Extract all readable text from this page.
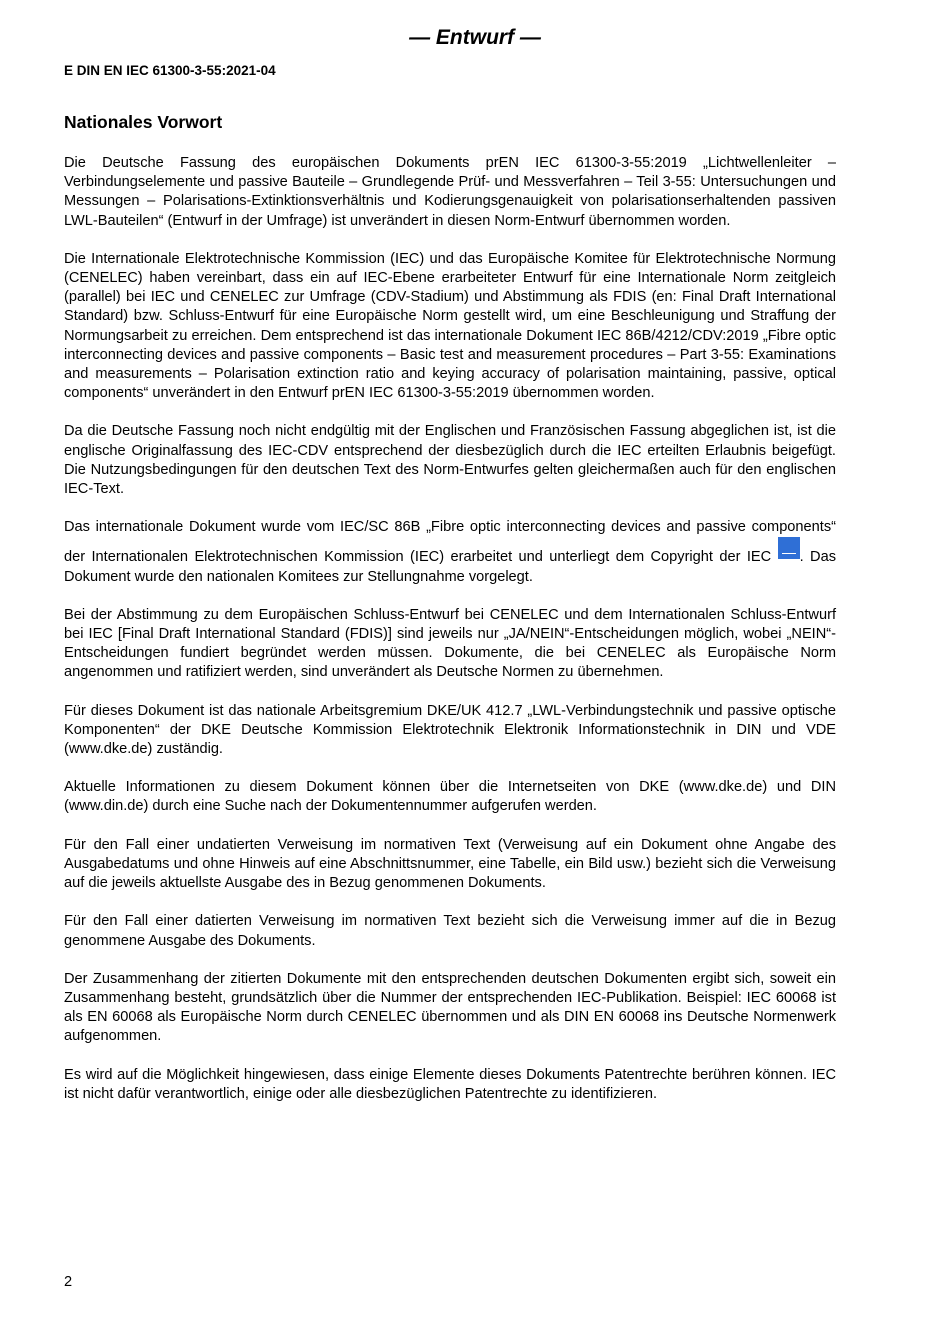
— Entwurf —
E DIN EN IEC 61300-3-55:2021-04
Nationales Vorwort

Die Deutsche Fassung des europäischen Dokuments prEN IEC 61300-3-55:2019 „Lichtwellenleiter – Verbindungselemente und passive Bauteile – Grundlegende Prüf- und Messverfahren – Teil 3-55: Untersuchungen und Messungen – Polarisations-Extinktionsverhältnis und Kodierungsgenauigkeit von polarisationserhaltenden passiven LWL-Bauteilen“ (Entwurf in der Umfrage) ist unverändert in diesen Norm-Entwurf übernommen worden.

Die Internationale Elektrotechnische Kommission (IEC) und das Europäische Komitee für Elektrotechnische Normung (CENELEC) haben vereinbart, dass ein auf IEC-Ebene erarbeiteter Entwurf für eine Internationale Norm zeitgleich (parallel) bei IEC und CENELEC zur Umfrage (CDV-Stadium) und Abstimmung als FDIS (en: Final Draft International Standard) bzw. Schluss-Entwurf für eine Europäische Norm gestellt wird, um eine Beschleunigung und Straffung der Normungsarbeit zu erreichen. Dem entsprechend ist das internationale Dokument IEC 86B/4212/CDV:2019 „Fibre optic interconnecting devices and passive components – Basic test and measurement procedures – Part 3-55: Examinations and measurements – Polarisation extinction ratio and keying accuracy of polarisation maintaining, passive, optical components“ unverändert in den Entwurf prEN IEC 61300-3-55:2019 übernommen worden.

Da die Deutsche Fassung noch nicht endgültig mit der Englischen und Französischen Fassung abgeglichen ist, ist die englische Originalfassung des IEC-CDV entsprechend der diesbezüglich durch die IEC erteilten Erlaubnis beigefügt. Die Nutzungsbedingungen für den deutschen Text des Norm-Entwurfes gelten gleichermaßen auch für den englischen IEC-Text.

Das internationale Dokument wurde vom IEC/SC 86B „Fibre optic interconnecting devices and passive components“ der Internationalen Elektrotechnischen Kommission (IEC) erarbeitet und unterliegt dem Copyright der IEC . Das Dokument wurde den nationalen Komitees zur Stellungnahme vorgelegt.

Bei der Abstimmung zu dem Europäischen Schluss-Entwurf bei CENELEC und dem Internationalen Schluss-Entwurf bei IEC [Final Draft International Standard (FDIS)] sind jeweils nur „JA/NEIN“-Entscheidungen möglich, wobei „NEIN“-Entscheidungen fundiert begründet werden müssen. Dokumente, die bei CENELEC als Europäische Norm angenommen und ratifiziert werden, sind unverändert als Deutsche Normen zu übernehmen.

Für dieses Dokument ist das nationale Arbeitsgremium DKE/UK 412.7 „LWL-Verbindungstechnik und passive optische Komponenten“ der DKE Deutsche Kommission Elektrotechnik Elektronik Informationstechnik in DIN und VDE (www.dke.de) zuständig.

Aktuelle Informationen zu diesem Dokument können über die Internetseiten von DKE (www.dke.de) und DIN (www.din.de) durch eine Suche nach der Dokumentennummer aufgerufen werden.

Für den Fall einer undatierten Verweisung im normativen Text (Verweisung auf ein Dokument ohne Angabe des Ausgabedatums und ohne Hinweis auf eine Abschnittsnummer, eine Tabelle, ein Bild usw.) bezieht sich die Verweisung auf die jeweils aktuellste Ausgabe des in Bezug genommenen Dokuments.

Für den Fall einer datierten Verweisung im normativen Text bezieht sich die Verweisung immer auf die in Bezug genommene Ausgabe des Dokuments.

Der Zusammenhang der zitierten Dokumente mit den entsprechenden deutschen Dokumenten ergibt sich, soweit ein Zusammenhang besteht, grundsätzlich über die Nummer der entsprechenden IEC-Publikation. Beispiel: IEC 60068 ist als EN 60068 als Europäische Norm durch CENELEC übernommen und als DIN EN 60068 ins Deutsche Normenwerk aufgenommen.

Es wird auf die Möglichkeit hingewiesen, dass einige Elemente dieses Dokuments Patentrechte berühren können. IEC ist nicht dafür verantwortlich, einige oder alle diesbezüglichen Patentrechte zu identifizieren.

2
